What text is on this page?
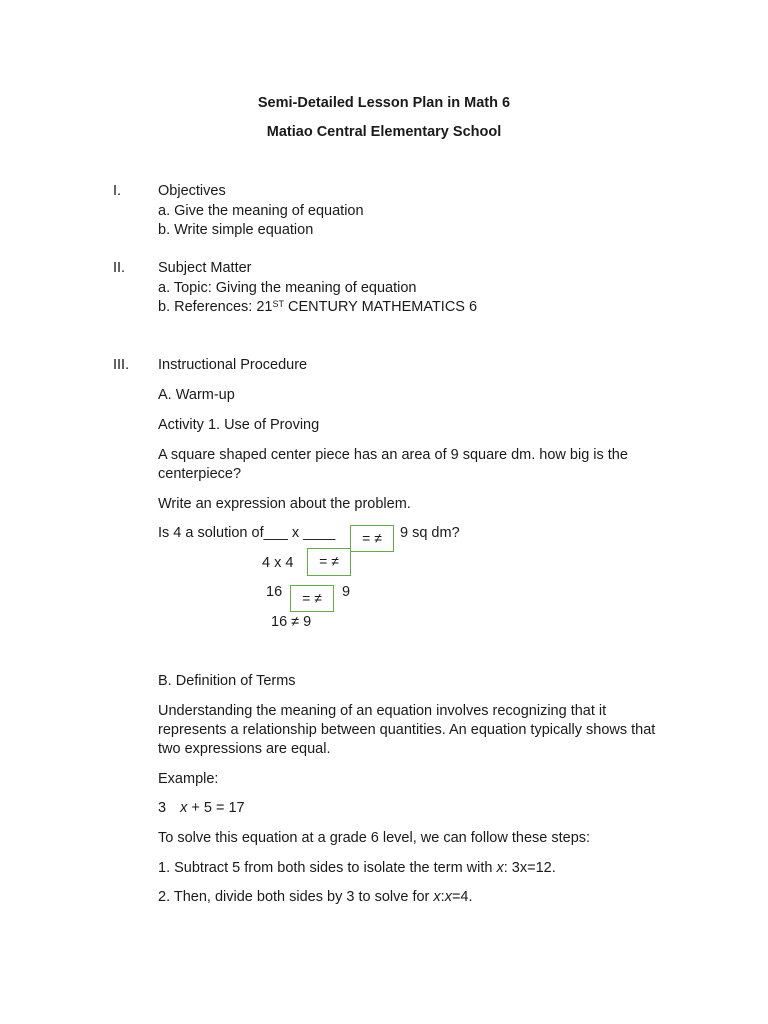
Semi-Detailed Lesson Plan in Math 6
Matiao Central Elementary School
I.	Objectives
a. Give the meaning of equation
b. Write simple equation
II. Subject Matter
a. Topic: Giving the meaning of equation
b. References: 21ST CENTURY MATHEMATICS 6
III. Instructional Procedure
A. Warm-up
Activity 1. Use of Proving
A square shaped center piece has an area of 9 square dm. how big is the
centerpiece?
Write an expression about the problem.
Is 4 a solution of___ x ____	= ≠	9 sq dm?
4 x 4	= ≠
16	= ≠	9
16 ≠ 9
B. Definition of Terms
Understanding the meaning of an equation involves recognizing that it
represents a relationship between quantities. An equation typically shows that
two expressions are equal.
Example:
3 x + 5 = 17
To solve this equation at a grade 6 level, we can follow these steps:
1. Subtract 5 from both sides to isolate the term with x: 3x=12.
2. Then, divide both sides by 3 to solve for x:x=4.
